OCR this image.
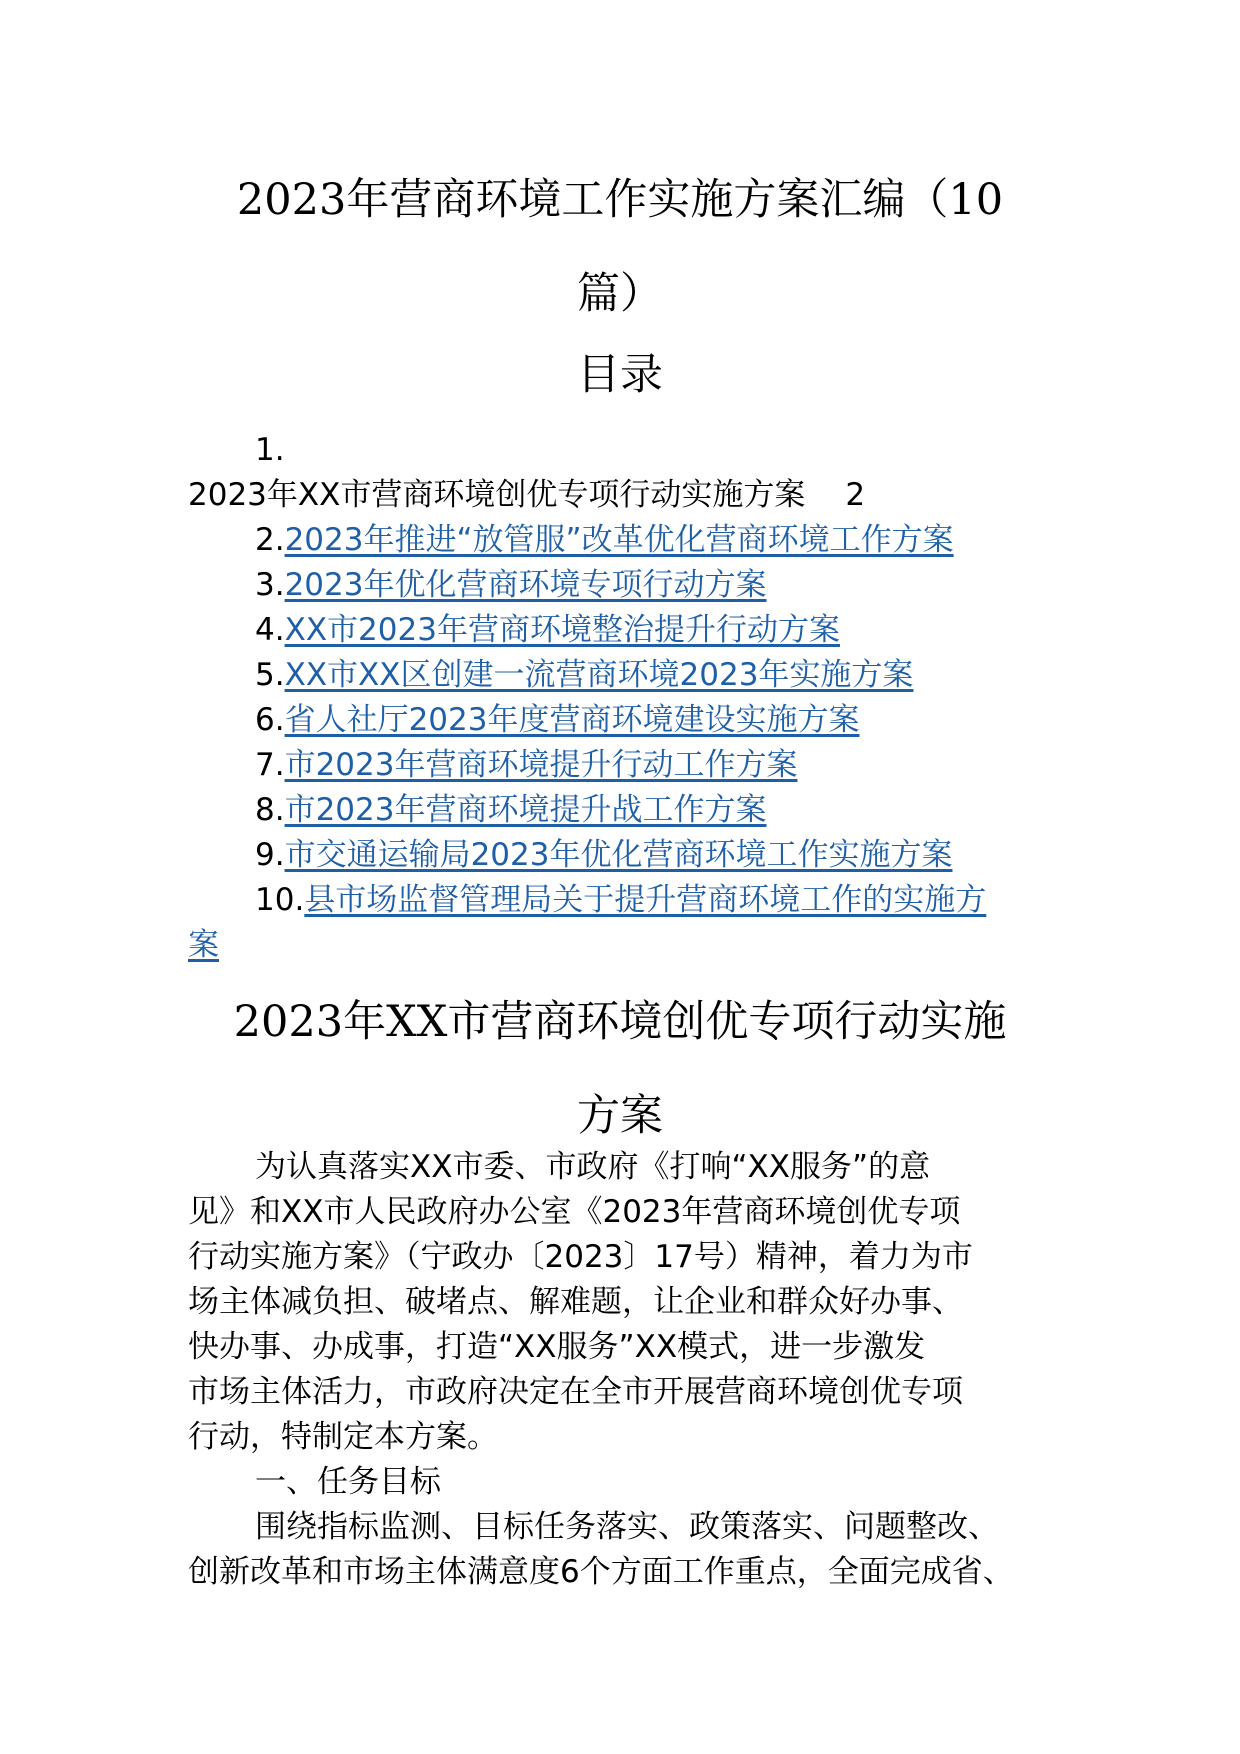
2023年营商环境工作实施方案汇编（10
篇）
目录
1.
2023年XX市营商环境创优专项行动实施方案 2
2.2023年推进“放管服”改革优化营商环境工作方案
3.2023年优化营商环境专项行动方案
4.XX市2023年营商环境整治提升行动方案
5.XX市XX区创建一流营商环境2023年实施方案
6.省人社厅2023年度营商环境建设实施方案
7.市2023年营商环境提升行动工作方案
8.市2023年营商环境提升战工作方案
9.市交通运输局2023年优化营商环境工作实施方案
10.县市场监督管理局关于提升营商环境工作的实施方
案
2023年XX市营商环境创优专项行动实施
方案

为认真落实XX市委、市政府《打响“XX服务”的意

见》和XX市人民政府办公室《2023年营商环境创优专项

行动实施方案》（宁政办〔2023〕17号）精神，着力为市

场主体减负担、破堵点、解难题，让企业和群众好办事、

快办事、办成事，打造“XX服务”XX模式，进一步激发

市场主体活力，市政府决定在全市开展营商环境创优专项

行动，特制定本方案。

一、任务目标

围绕指标监测、目标任务落实、政策落实、问题整改、

创新改革和市场主体满意度6个方面工作重点，全面完成省、
